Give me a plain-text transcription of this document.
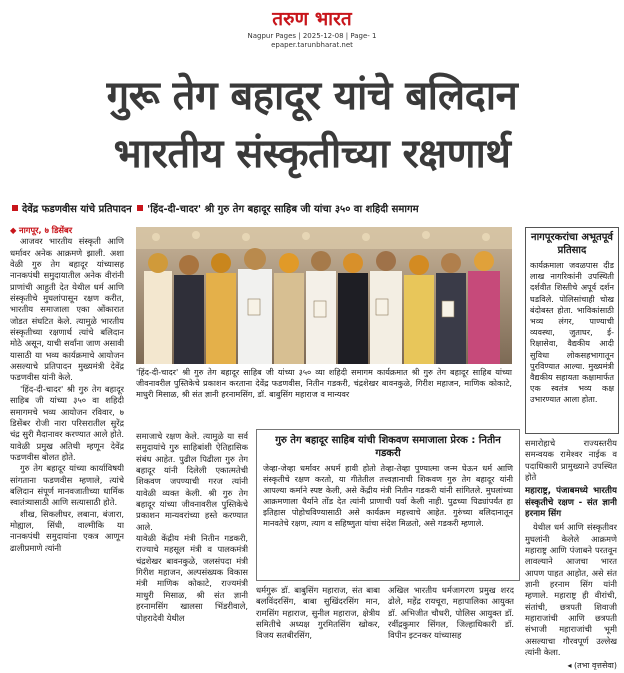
तरुण भारत
Nagpur Pages | 2025-12-08 | Page- 1
epaper.tarunbharat.net
गुरू तेग बहादूर यांचे बलिदान
भारतीय संस्कृतीच्या रक्षणार्थ
देवेंद्र फडणवीस यांचे प्रतिपादन 'हिंद-दी-चादर' श्री गुरु तेग बहादूर साहिब जी यांचा ३५० वा शहिदी समागम
◆ नागपूर, ७ डिसेंबर
आजवर भारतीय संस्कृती आणि धर्मावर अनेक आक्रमणे झाली. अशा वेळी गुरु तेग बहादूर यांच्यासह नानकपंथी समुदायातील अनेक वीरांनी प्राणांची आहुती देत येथील धर्म आणि संस्कृतीचे मुघलांपासून रक्षण करीत, भारतीय समाजाला एका ओंकारात जोडत संघटित केले. त्यामुळे भारतीय संस्कृतीच्या रक्षणार्थ त्यांचे बलिदान मोठे असून, याची सर्वांना जाण असावी यासाठी या भव्य कार्यक्रमाचे आयोजन असल्याचे प्रतिपादन मुख्यमंत्री देवेंद्र फडणवीस यांनी केले.
'हिंद-दी-चादर' श्री गुरु तेग बहादूर साहिब जी यांच्या ३५० वा शहिदी समागमचे भव्य आयोजन रविवार, ७ डिसेंबर रोजी नारा परिसरातील सुरेंद्र चंद्र सुरी मैदानावर करण्यात आले होते. यावेळी प्रमुख अतिथी म्हणून देवेंद्र फडणवीस बोलत होते.
गुरु तेग बहादूर यांच्या कार्याविषयी सांगताना फडणवीस म्हणाले, त्यांचे बलिदान संपूर्ण मानवजातीच्या धार्मिक स्वातंत्र्यासाठी आणि सत्यासाठी होते.
शीख, सिकलीघर, लबाना, बंजारा, मोह्याल, सिंधी, वाल्मीकि या नानकपंथी समुदायांना एकत्र आणून ढालीप्रमाणे त्यांनी
'हिंद-दी-चादर' श्री गुरु तेग बहादूर साहिब जी यांच्या ३५० व्या शहिदी समागम कार्यक्रमात श्री गुरु तेग बहादूर साहिब यांच्या जीवनावरील पुस्तिकेचे प्रकाशन करताना देवेंद्र फडणवीस, नितीन गडकरी, चंद्रशेखर बावनकुळे, गिरीश महाजन, माणिक कोकाटे, माधुरी मिसाळ, श्री संत ज्ञानी हरनामसिंग, डॉ. बाबुसिंग महाराज व मान्यवर
नागपूरकरांचा अभूतपूर्व प्रतिसाद
कार्यक्रमाला जवळपास दीड लाख नागरिकांनी उपस्थिती दर्शवीत शिस्तीचे अपूर्व दर्शन घडविले. पोलिसांचाही चोख बंदोबस्त होता. भाविकांसाठी भव्य लंगर, पाण्याची व्यवस्था, जुताघर, ई-रिक्षासेवा, वैद्यकीय आदी सुविधा लोकसहभागातून पुरविण्यात आल्या. मुख्यमंत्री वैद्यकीय सहायता कक्षामार्फत एक स्वतंत्र भव्य कक्ष उभारण्यात आला होता.
समाजाचे रक्षण केले. त्यामुळे या सर्व समुदायांचे गुरु साहिबांशी ऐतिहासिक संबंध आहेत. पुढील पिढीला गुरु तेग बहादूर यांनी दिलेली एकात्मतेची शिकवण जपण्याची गरज त्यांनी यावेळी व्यक्त केली. श्री गुरु तेग बहादूर यांच्या जीवनावरील पुस्तिकेचे प्रकाशन मान्यवरांच्या हस्ते करण्यात आले.
यावेळी केंद्रीय मंत्री नितीन गडकरी, राज्याचे महसूल मंत्री व पालकमंत्री चंद्रशेखर बावनकुळे, जलसंपदा मंत्री गिरीश महाजन, अल्पसंख्यक विकास मंत्री माणिक कोकाटे, राज्यमंत्री माधुरी मिसाळ, श्री संत ज्ञानी हरनामसिंग खालसा भिंडरीवाले, पोहरादेवी येथील
गुरु तेग बहादूर साहिब यांची शिकवण समाजाला प्रेरक : नितीन गडकरी
जेव्हा-जेव्हा धर्मावर अधर्म हावी होतो तेव्हा-तेव्हा पुण्यात्मा जन्म घेऊन धर्म आणि संस्कृतीचे रक्षण करतो, या गीतेतील तत्त्वज्ञानाची शिकवण गुरु तेग बहादूर यांनी आपल्या कर्माने स्पष्ट केली, असे केंद्रीय मंत्री नितीन गडकरी यांनी सांगितले. मुघलांच्या आक्रमणाला धैर्याने तोंड देत त्यांनी प्राणाची पर्वा केली नाही. पुढच्या पिढ्यांपर्यंत हा इतिहास पोहोचविण्यासाठी असे कार्यक्रम महत्त्वाचे आहेत. गुरुंच्या बलिदानातून मानवतेचे रक्षण, त्याग व सहिष्णुता यांचा संदेश मिळतो, असे गडकरी म्हणाले.
धर्मगुरू डॉ. बाबुसिंग महाराज, संत बाबा बलविंदरसिंग, बाबा सुखिंदरसिंग मान, रामसिंग महाराज, सुनील महाराज, क्षेत्रीय समितीचे अध्यक्ष गुरमितसिंग खोकर, विजय सतबीरसिंग,
अखिल भारतीय धर्मजागरण प्रमुख शरद ढोले, महेंद्र रायचूरा, महापालिका आयुक्त डॉ. अभिजीत चौधरी, पोलिस आयुक्त डॉ. रवींद्रकुमार सिंगल, जिल्हाधिकारी डॉ. विपीन इटनकर यांच्यासह
समारोहाचे राज्यस्तरीय समन्वयक रामेश्वर नाईक व पदाधिकारी प्रामुख्याने उपस्थित होते
महाराष्ट्र, पंजाबमध्ये भारतीय संस्कृतीचे रक्षण - संत ज्ञानी हरनाम सिंग
येथील धर्म आणि संस्कृतीवर मुघलांनी केलेले आक्रमणे महाराष्ट्र आणि पंजाबने परतवून लावल्याने आजचा भारत आपण पाहत आहोत, असे संत ज्ञानी हरनाम सिंग यांनी म्हणाले. महाराष्ट्र ही वीरांची, संतांची, छत्रपती शिवाजी महाराजांची आणि छत्रपती संभाजी महाराजांची भूमी असल्याचा गौरवपूर्ण उल्लेख त्यांनी केला.
◂ (तभा वृत्तसेवा)
